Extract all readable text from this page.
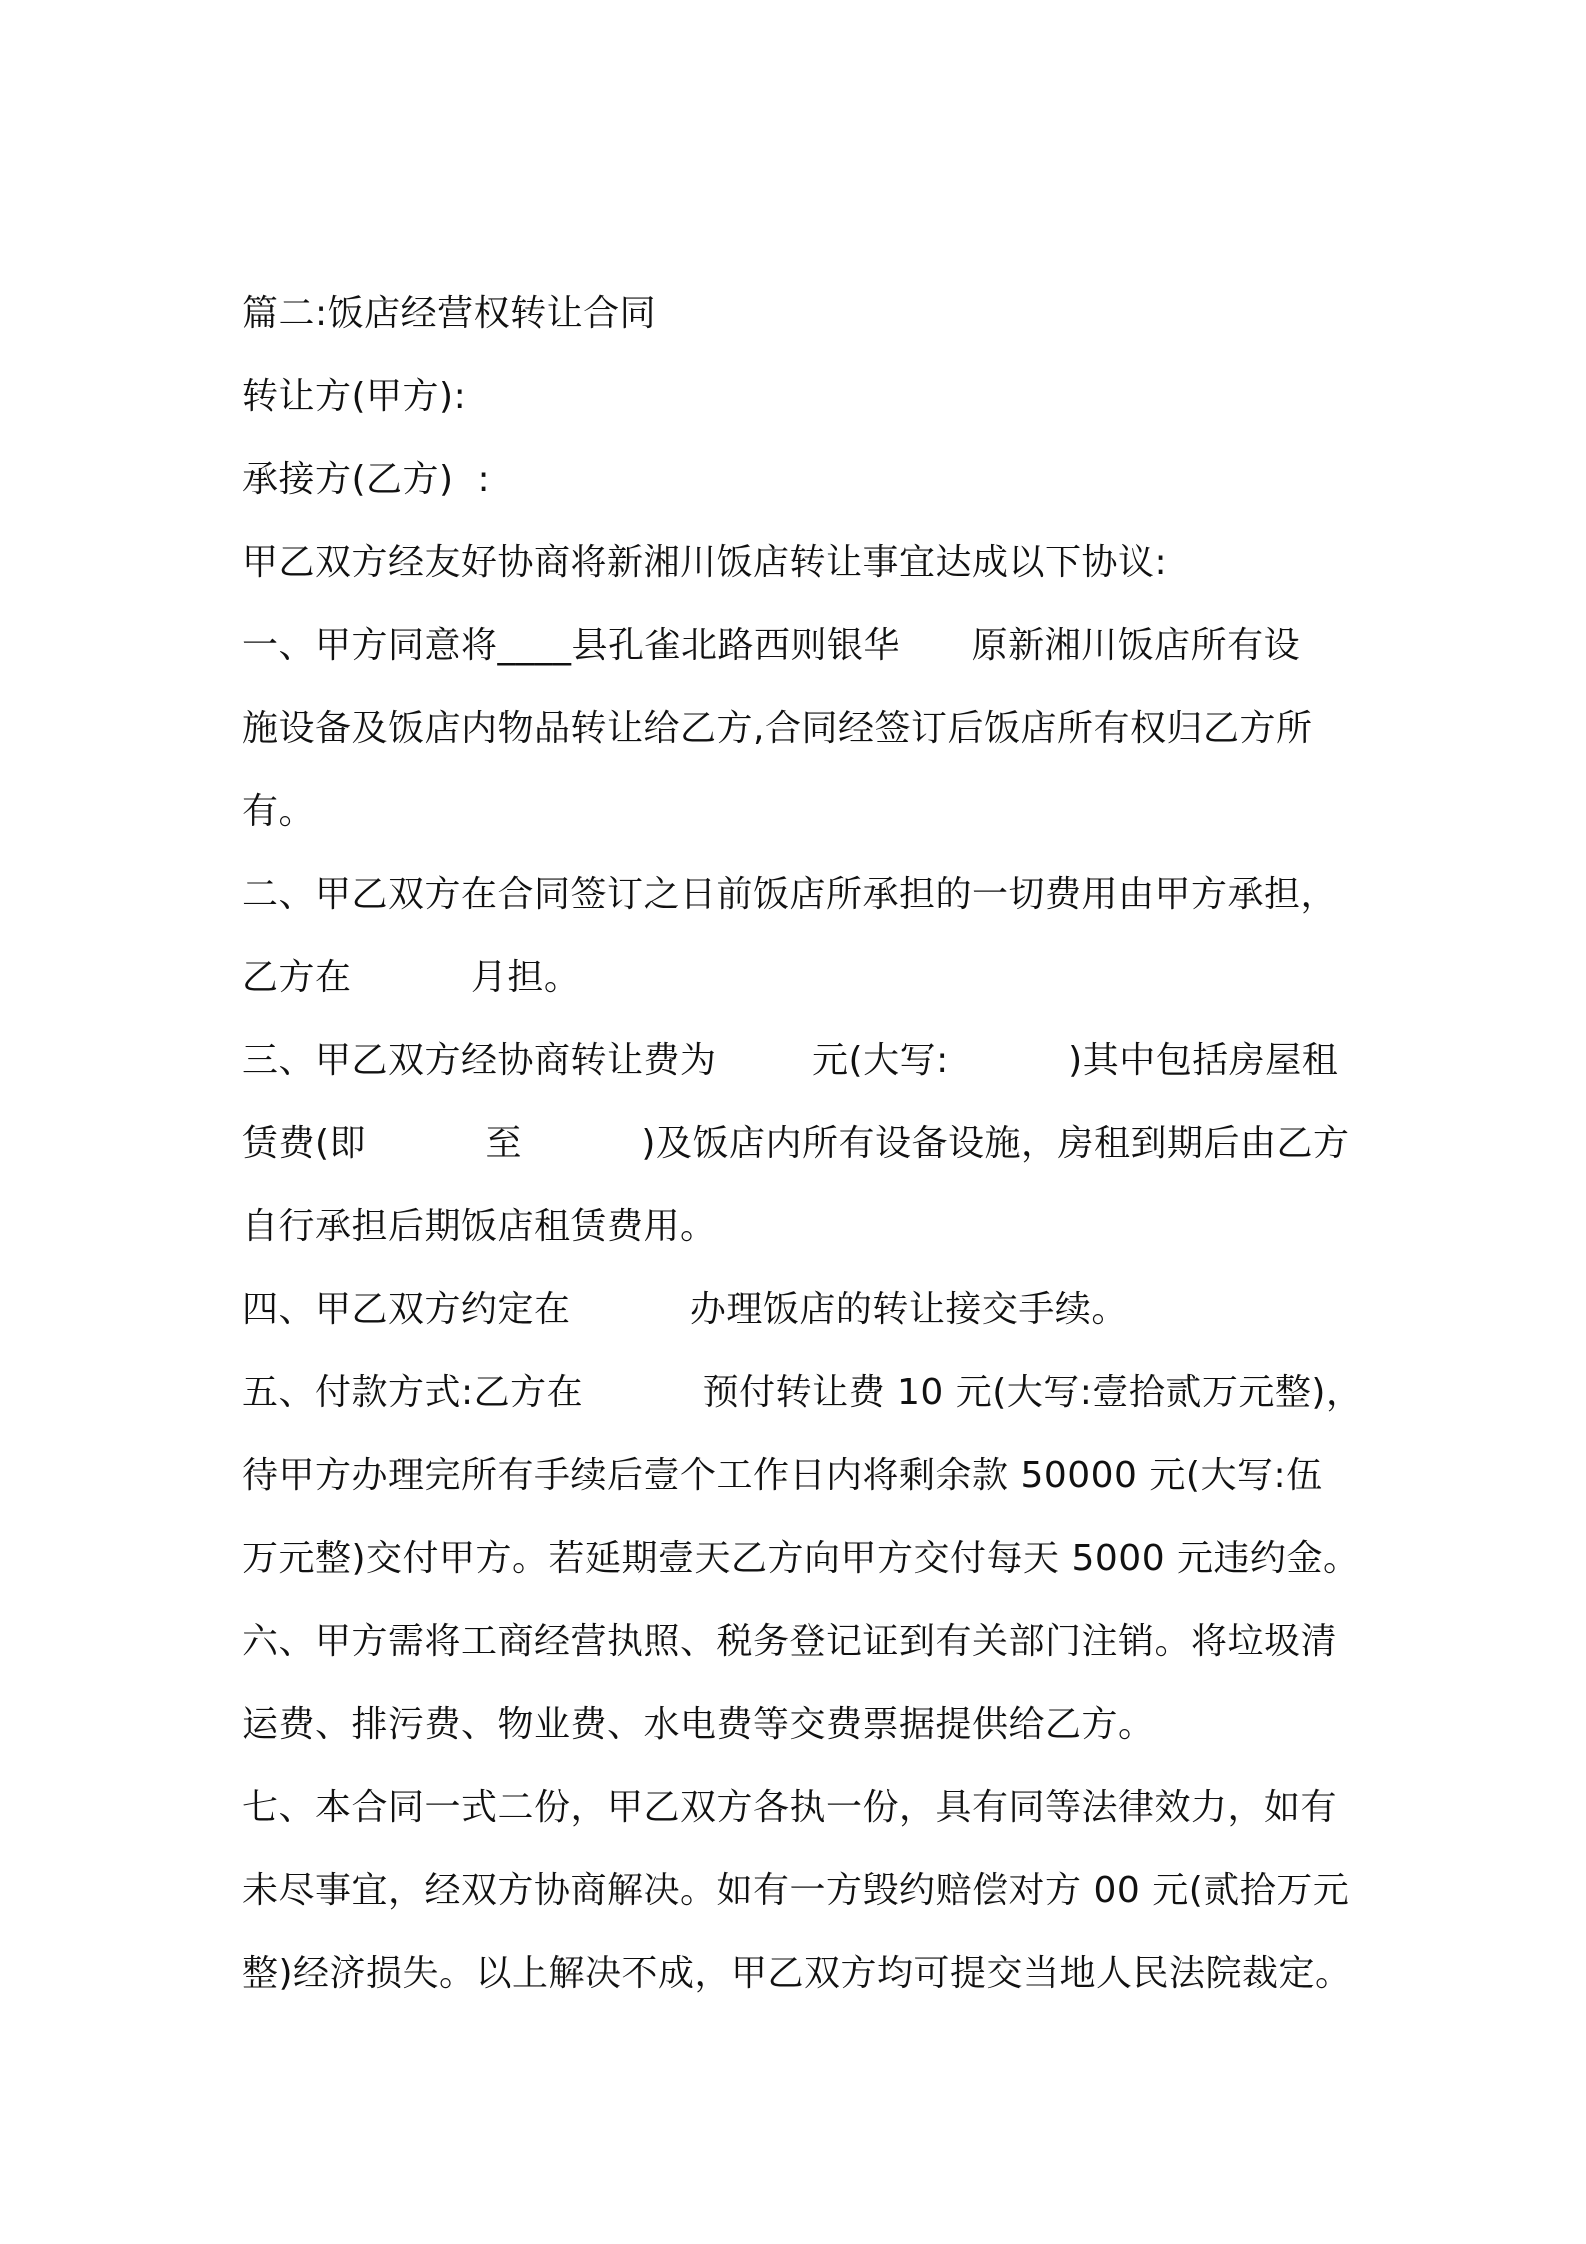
篇二:饭店经营权转让合同
转让方(甲方):
承接方(乙方)  :
甲乙双方经友好协商将新湘川饭店转让事宜达成以下协议:
一、甲方同意将____县孔雀北路西则银华      原新湘川饭店所有设
施设备及饭店内物品转让给乙方,合同经签订后饭店所有权归乙方所
有。
二、甲乙双方在合同签订之日前饭店所承担的一切费用由甲方承担，
乙方在          月担。
三、甲乙双方经协商转让费为        元(大写:          )其中包括房屋租
赁费(即          至          )及饭店内所有设备设施，房租到期后由乙方
自行承担后期饭店租赁费用。
四、甲乙双方约定在          办理饭店的转让接交手续。
五、付款方式:乙方在          预付转让费 10 元(大写:壹拾贰万元整)，
待甲方办理完所有手续后壹个工作日内将剩余款 50000 元(大写:伍
万元整)交付甲方。若延期壹天乙方向甲方交付每天 5000 元违约金。
六、甲方需将工商经营执照、税务登记证到有关部门注销。将垃圾清
运费、排污费、物业费、水电费等交费票据提供给乙方。
七、本合同一式二份，甲乙双方各执一份，具有同等法律效力，如有
未尽事宜，经双方协商解决。如有一方毁约赔偿对方 00 元(贰拾万元
整)经济损失。以上解决不成，甲乙双方均可提交当地人民法院裁定。
